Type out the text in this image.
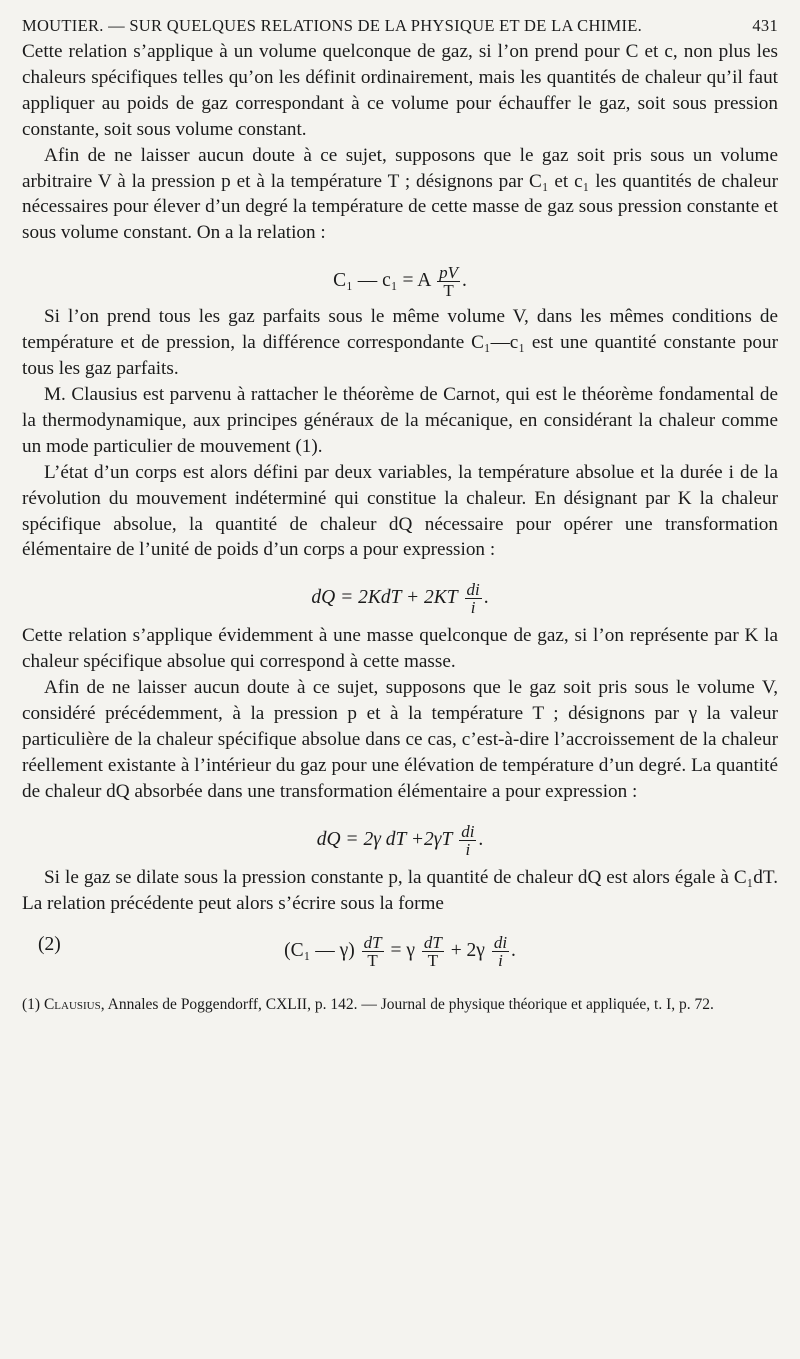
MOUTIER. — SUR QUELQUES RELATIONS DE LA PHYSIQUE ET DE LA CHIMIE.	431

Cette relation s’applique à un volume quelconque de gaz, si l’on prend pour C et c, non plus les chaleurs spécifiques telles qu’on les définit ordinairement, mais les quantités de chaleur qu’il faut appliquer au poids de gaz correspondant à ce volume pour échauffer le gaz, soit sous pression constante, soit sous volume constant.

Afin de ne laisser aucun doute à ce sujet, supposons que le gaz soit pris sous un volume arbitraire V à la pression p et à la température T ; désignons par C₁ et c₁ les quantités de chaleur nécessaires pour élever d’un degré la température de cette masse de gaz sous pression constante et sous volume constant. On a la relation :

C₁ — c₁ = A $\frac{pV}{T}$ .

Si l’on prend tous les gaz parfaits sous le même volume V, dans les mêmes conditions de température et de pression, la différence correspondante C₁—c₁ est une quantité constante pour tous les gaz parfaits.

M. Clausius est parvenu à rattacher le théorème de Carnot, qui est le théorème fondamental de la thermodynamique, aux principes généraux de la mécanique, en considérant la chaleur comme un mode particulier de mouvement (1).

L’état d’un corps est alors défini par deux variables, la température absolue et la durée i de la révolution du mouvement indéterminé qui constitue la chaleur. En désignant par K la chaleur spécifique absolue, la quantité de chaleur dQ nécessaire pour opérer une transformation élémentaire de l’unité de poids d’un corps a pour expression :

dQ = $2KdT + 2KT \frac{di}{i}$ .

Cette relation s’applique évidemment à une masse quelconque de gaz, si l’on représente par K la chaleur spécifique absolue qui correspond à cette masse.

Afin de ne laisser aucun doute à ce sujet, supposons que le gaz soit pris sous le volume V, considéré précédemment, à la pression p et à la température T ; désignons par γ la valeur particulière de la chaleur spécifique absolue dans ce cas, c’est-à-dire l’accroissement de la chaleur réellement existante à l’intérieur du gaz pour une élévation de température d’un degré. La quantité de chaleur dQ absorbée dans une transformation élémentaire a pour expression :

dQ = 2γ dT $+2\gamma T \frac{di}{i}$ .

Si le gaz se dilate sous la pression constante p, la quantité de chaleur dQ est alors égale à C₁dT. La relation précédente peut alors s’écrire sous la forme

(2)	(C₁ — $\gamma) \frac{dT}{T} = \gamma \frac{dT}{T} + 2\gamma \frac{di}{i}$ .
(1) Clausius, Annales de Poggendorff, CXLII, p. 142. — Journal de physique théorique et appliquée, t. I, p. 72.
